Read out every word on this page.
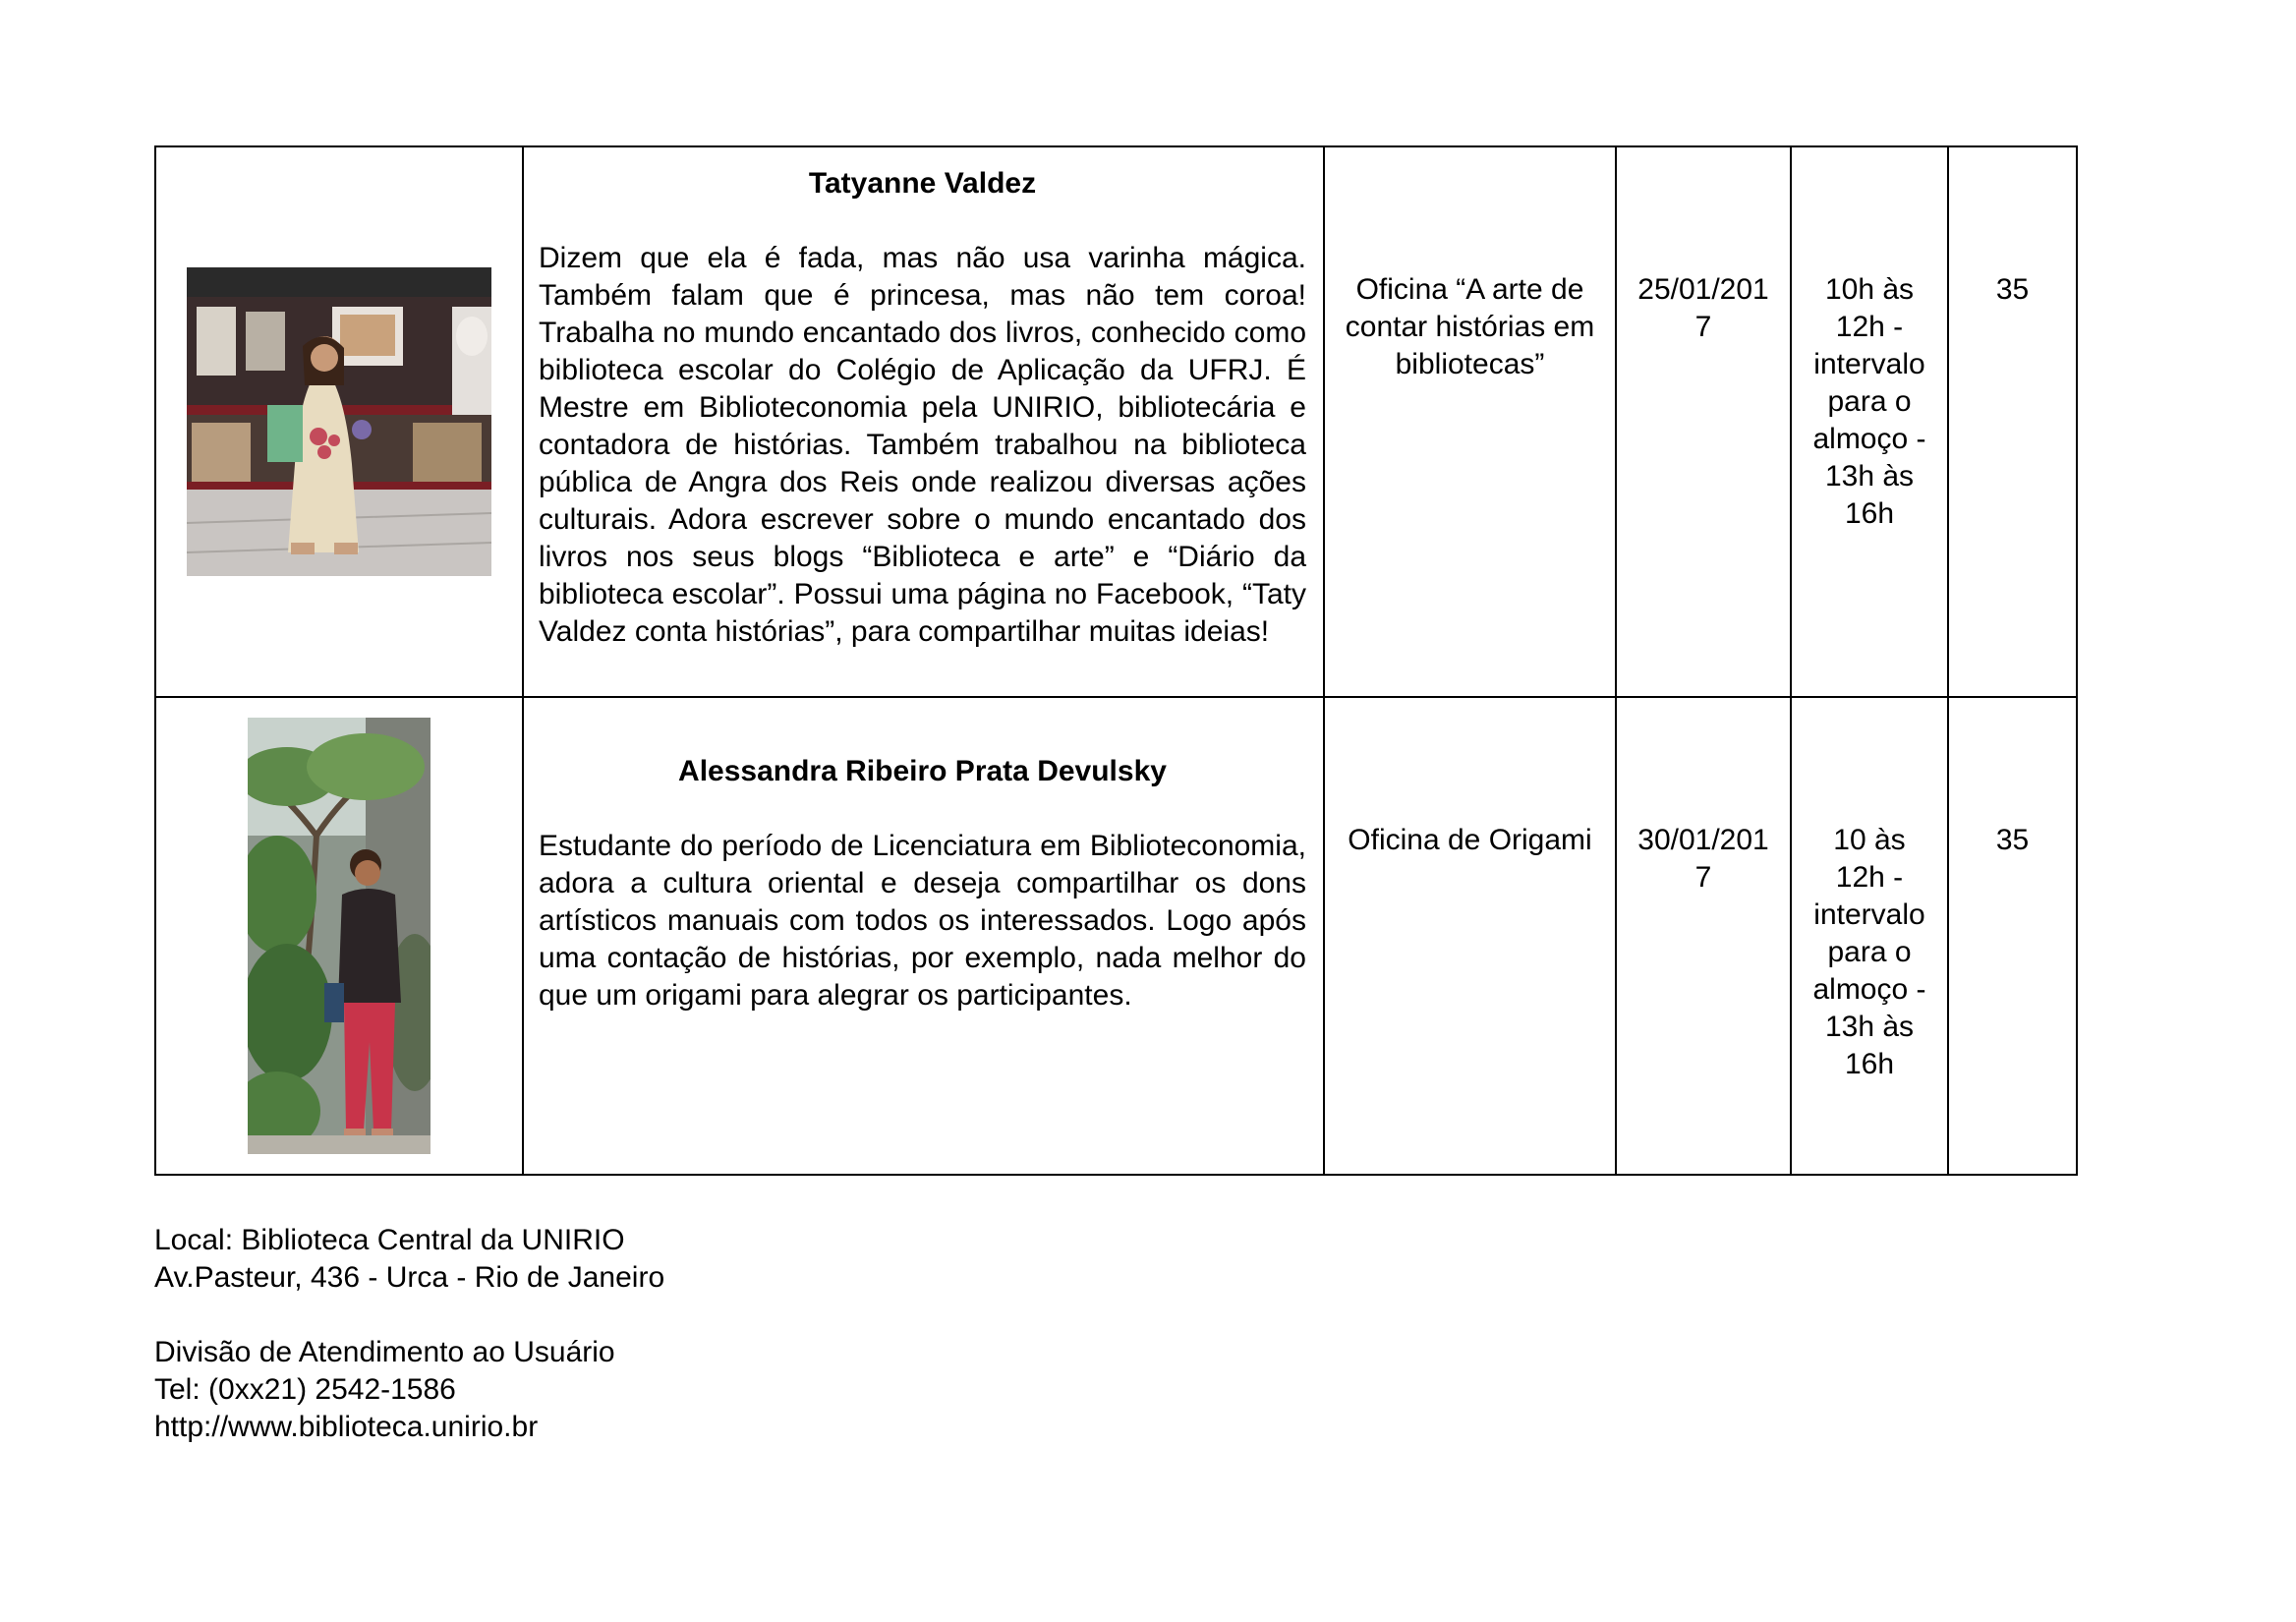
Tatyanne Valdez

Dizem que ela é fada, mas não usa varinha mágica. Também falam que é princesa, mas não tem coroa! Trabalha no mundo encantado dos livros, conhecido como biblioteca escolar do Colégio de Aplicação da UFRJ. É Mestre em Biblioteconomia pela UNIRIO, bibliotecária e contadora de histórias. Também trabalhou na biblioteca pública de Angra dos Reis onde realizou diversas ações culturais. Adora escrever sobre o mundo encantado dos livros nos seus blogs “Biblioteca e arte” e “Diário da biblioteca escolar”. Possui uma página no Facebook, “Taty Valdez conta histórias”, para compartilhar muitas ideias!	Oficina “A arte de contar histórias em bibliotecas”	25/01/2017	10h às 12h - intervalo para o almoço - 13h às 16h	35

Alessandra Ribeiro Prata Devulsky

Estudante do período de Licenciatura em Biblioteconomia, adora a cultura oriental e deseja compartilhar os dons artísticos manuais com todos os interessados. Logo após uma contação de histórias, por exemplo, nada melhor do que um origami para alegrar os participantes.	Oficina de Origami	30/01/2017	10 às 12h - intervalo para o almoço - 13h às 16h	35

Local: Biblioteca Central da UNIRIO

Av.Pasteur, 436 - Urca - Rio de Janeiro

Divisão de Atendimento ao Usuário

Tel: (0xx21) 2542-1586

http://www.biblioteca.unirio.br
